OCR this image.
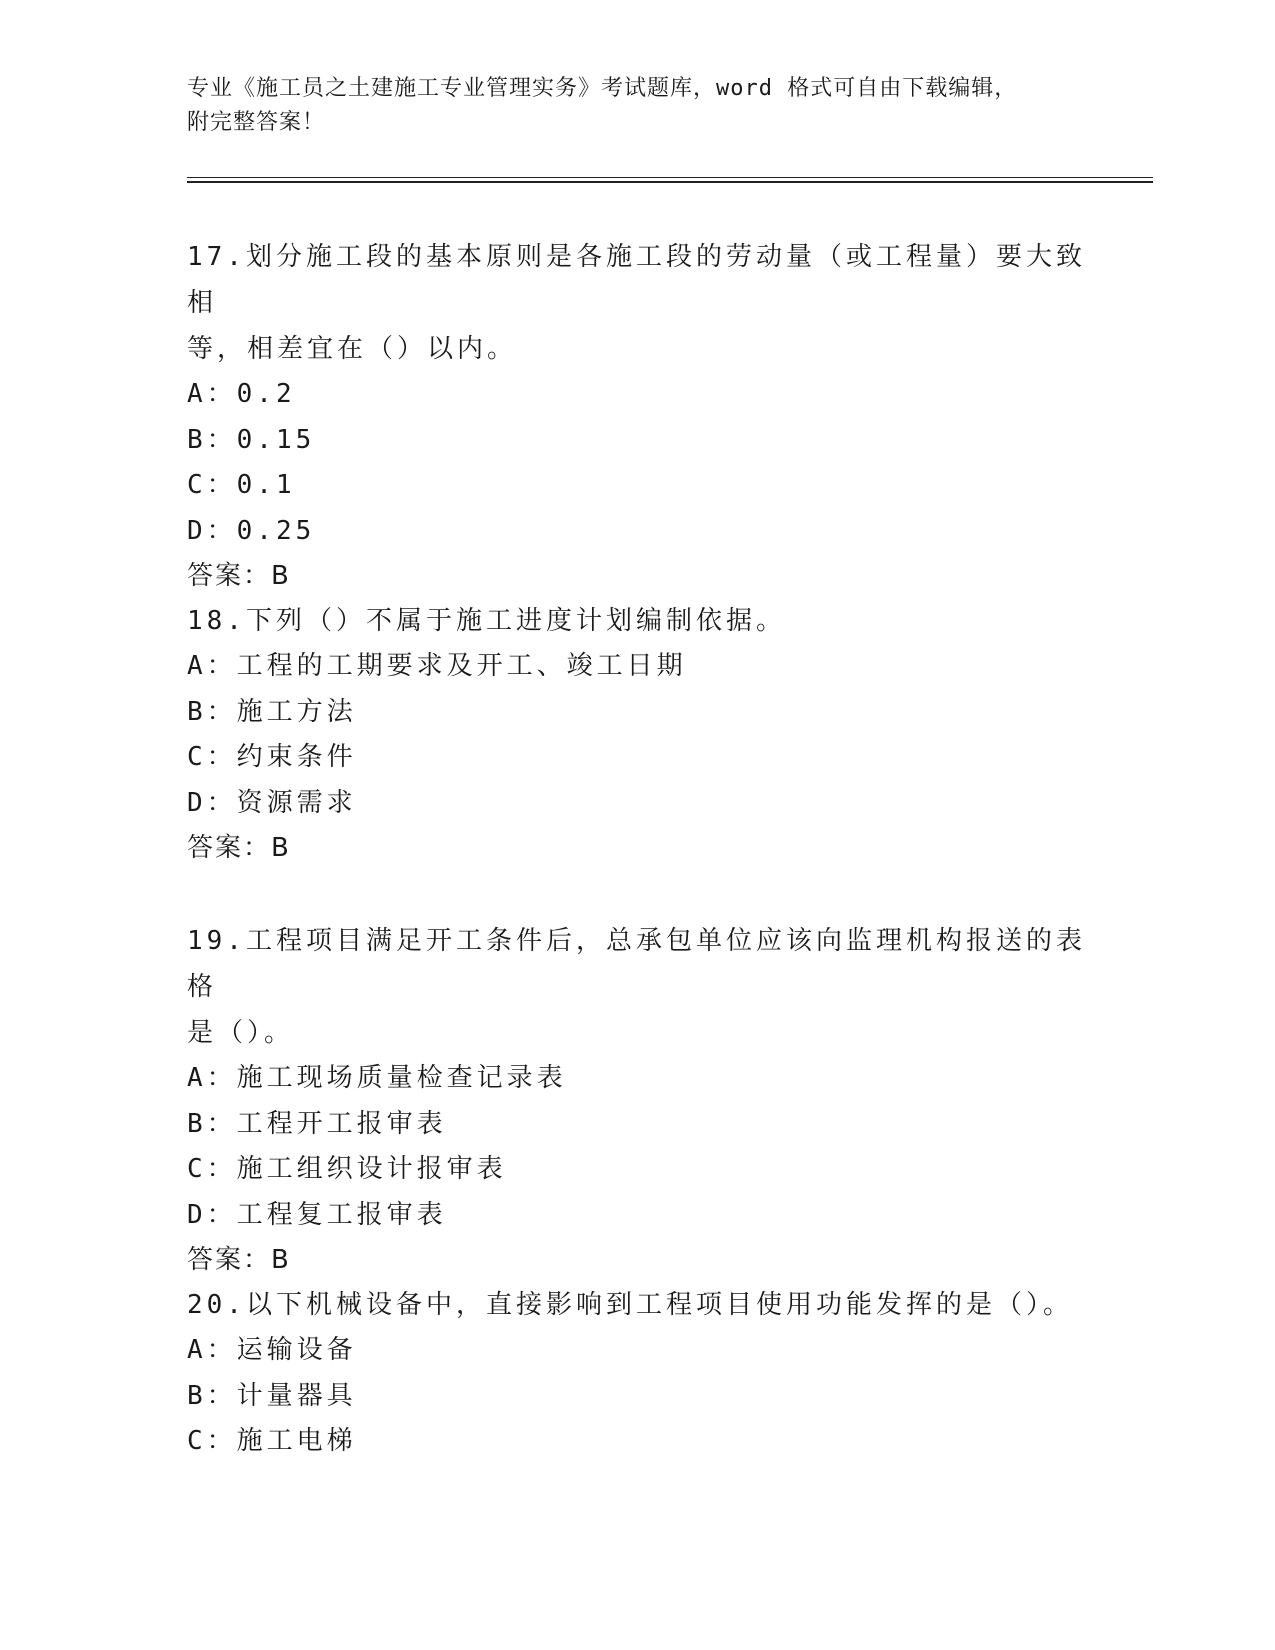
专业《施工员之土建施工专业管理实务》考试题库，word 格式可自由下载编辑，

附完整答案！

17.划分施工段的基本原则是各施工段的劳动量（或工程量）要大致相

等，相差宜在（）以内。

A：0.2

B：0.15

C：0.1

D：0.25

答案：B

18.下列（）不属于施工进度计划编制依据。

A：工程的工期要求及开工、竣工日期

B：施工方法

C：约束条件

D：资源需求

答案：B

19.工程项目满足开工条件后，总承包单位应该向监理机构报送的表格

是（）。

A：施工现场质量检查记录表

B：工程开工报审表

C：施工组织设计报审表

D：工程复工报审表

答案：B

20.以下机械设备中，直接影响到工程项目使用功能发挥的是（）。

A：运输设备

B：计量器具

C：施工电梯
